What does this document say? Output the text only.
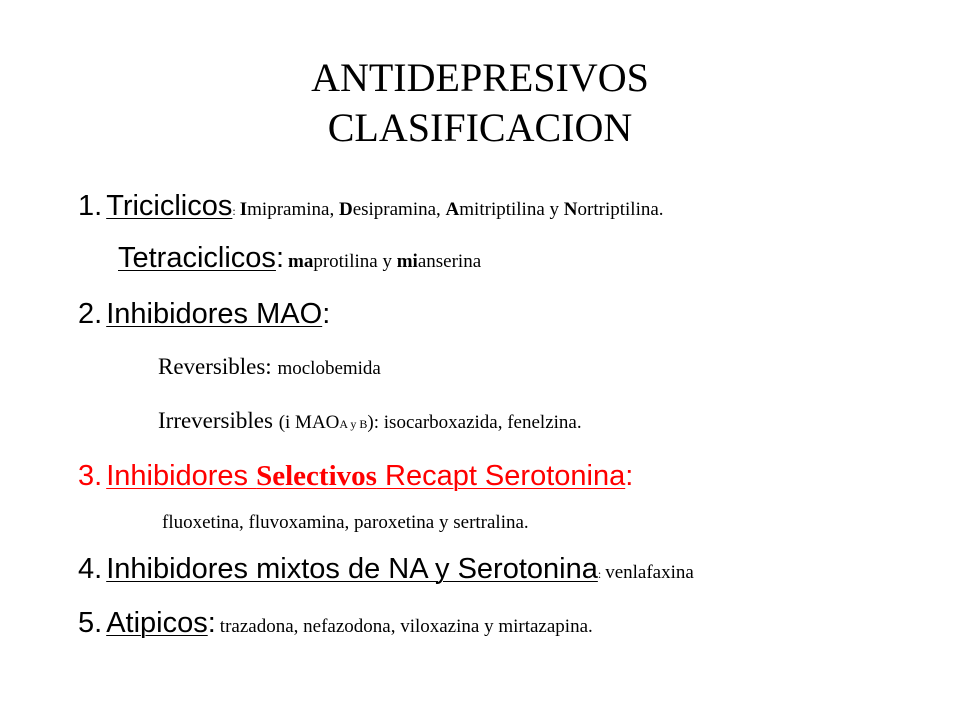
ANTIDEPRESIVOS
CLASIFICACION
1. Triciclicos: Imipramina, Desipramina, Amitriptilina y Nortriptilina.
Tetraciclicos: maprotilina y mianserina
2. Inhibidores MAO:
Reversibles: moclobemida
Irreversibles (i MAOA y B): isocarboxazida, fenelzina.
3. Inhibidores Selectivos Recapt Serotonina:
fluoxetina, fluvoxamina, paroxetina y sertralina.
4. Inhibidores mixtos de NA y Serotonina: venlafaxina
5. Atipicos: trazadona, nefazodona, viloxazina y mirtazapina.
